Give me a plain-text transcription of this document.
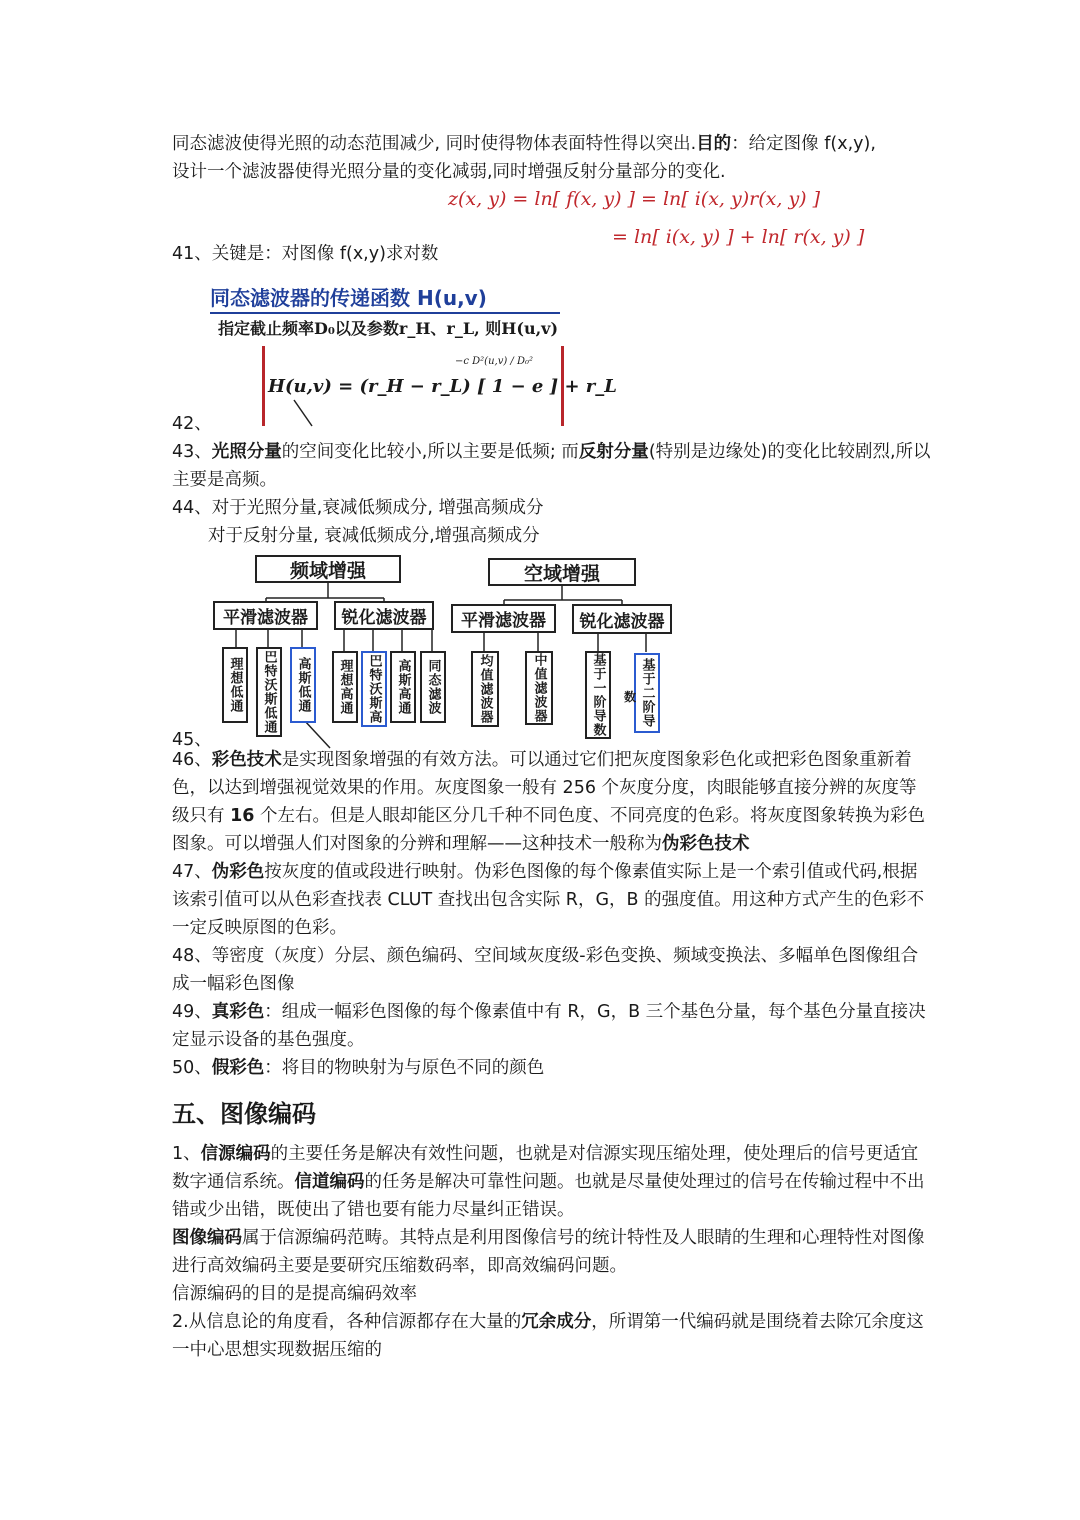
同态滤波使得光照的动态范围减少, 同时使得物体表面特性得以突出.目的：给定图像 f(x,y),
设计一个滤波器使得光照分量的变化减弱,同时增强反射分量部分的变化.

z(x, y) = ln[ f(x, y) ] = ln[ i(x, y)r(x, y) ]
= ln[ i(x, y) ] + ln[ r(x, y) ]

41、关键是：对图像 f(x,y)求对数

同态滤波器的传递函数 H(u,v)
指定截止频率D₀以及参数r_H、r_L, 则H(u,v)
H(u,v) = (r_H − r_L) [ 1 − e ] + r_L
−c D²(u,v) / D₀²
42、

43、光照分量的空间变化比较小,所以主要是低频; 而反射分量(特别是边缘处)的变化比较剧烈,所以主要是高频。

44、对于光照分量,衰减低频成分, 增强高频成分
对于反射分量, 衰减低频成分,增强高频成分

频域增强	空域增强
平滑滤波器	锐化滤波器	平滑滤波器	锐化滤波器
理想低通	巴特沃斯低通	高斯低通	理想高通	巴特沃斯高	高斯高通	同态滤波	均值滤波器	中值滤波器	基于一阶导数	基于二阶导
数
45、

46、彩色技术是实现图象增强的有效方法。可以通过它们把灰度图象彩色化或把彩色图象重新着色，以达到增强视觉效果的作用。灰度图象一般有 256 个灰度分度，肉眼能够直接分辨的灰度等级只有 16 个左右。但是人眼却能区分几千种不同色度、不同亮度的色彩。将灰度图象转换为彩色图象。可以增强人们对图象的分辨和理解——这种技术一般称为伪彩色技术

47、伪彩色按灰度的值或段进行映射。伪彩色图像的每个像素值实际上是一个索引值或代码,根据该索引值可以从色彩查找表 CLUT 查找出包含实际 R，G，B 的强度值。用这种方式产生的色彩不一定反映原图的色彩。

48、等密度（灰度）分层、颜色编码、空间域灰度级-彩色变换、频域变换法、多幅单色图像组合成一幅彩色图像

49、真彩色：组成一幅彩色图像的每个像素值中有 R，G，B 三个基色分量，每个基色分量直接决定显示设备的基色强度。

50、假彩色：将目的物映射为与原色不同的颜色

五、图像编码

1、信源编码的主要任务是解决有效性问题，也就是对信源实现压缩处理，使处理后的信号更适宜数字通信系统。信道编码的任务是解决可靠性问题。也就是尽量使处理过的信号在传输过程中不出错或少出错，既使出了错也要有能力尽量纠正错误。

图像编码属于信源编码范畴。其特点是利用图像信号的统计特性及人眼睛的生理和心理特性对图像进行高效编码主要是要研究压缩数码率，即高效编码问题。

信源编码的目的是提高编码效率

2.从信息论的角度看，各种信源都存在大量的冗余成分，所谓第一代编码就是围绕着去除冗余度这一中心思想实现数据压缩的
